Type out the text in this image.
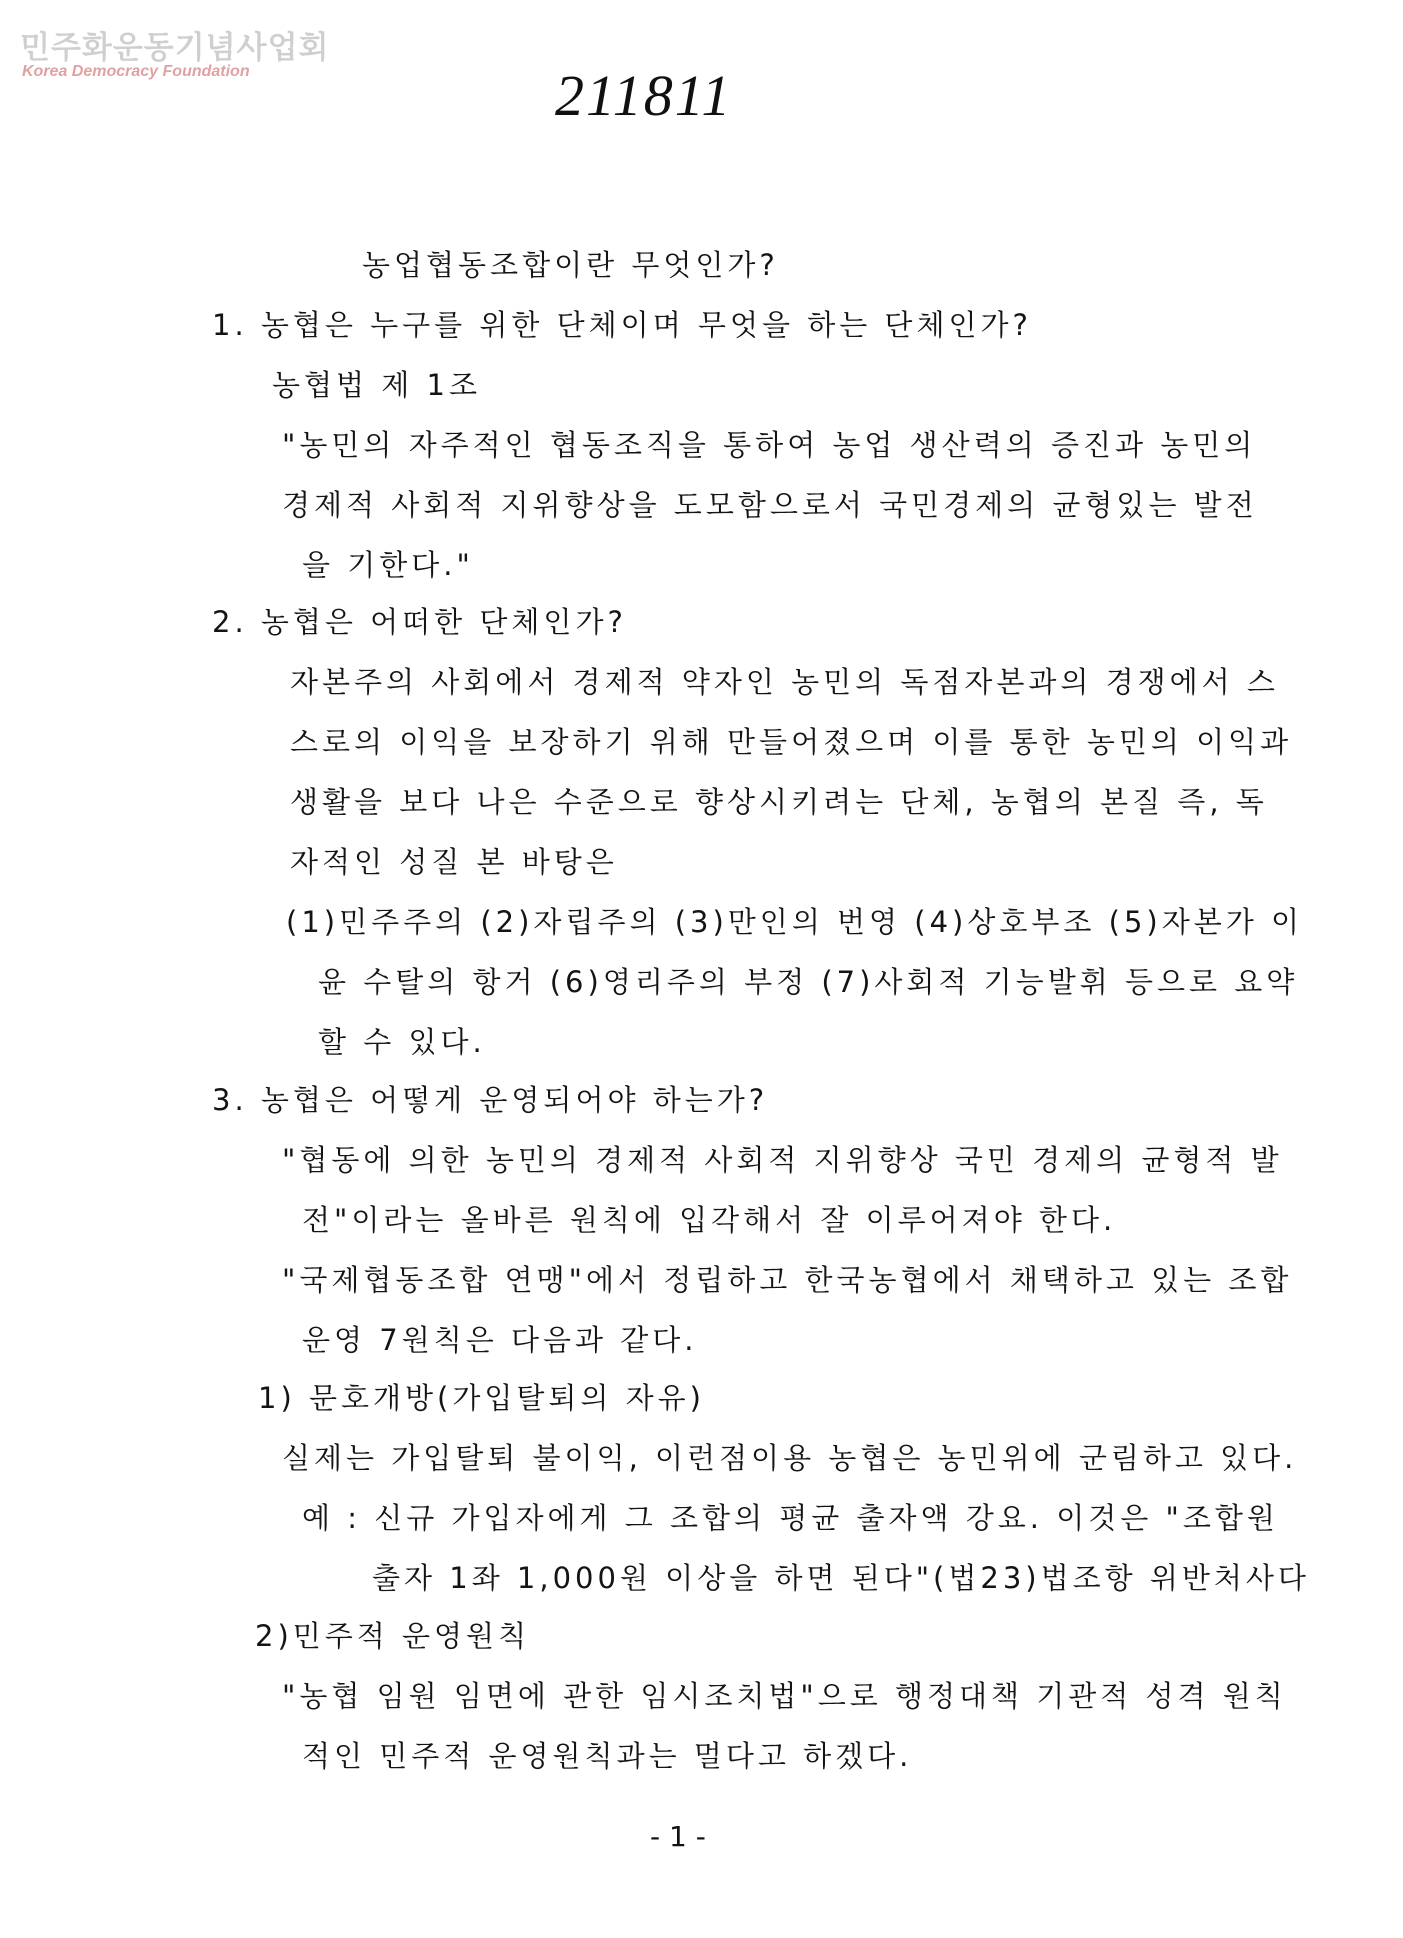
민주화운동기념사업회
Korea Democracy Foundation	211811
농업협동조합이란 무엇인가?
1. 농협은 누구를 위한 단체이며 무엇을 하는 단체인가?
농협법 제 1조
"농민의 자주적인 협동조직을 통하여 농업 생산력의 증진과 농민의
경제적 사회적 지위향상을 도모함으로서 국민경제의 균형있는 발전
을 기한다."
2. 농협은 어떠한 단체인가?
자본주의 사회에서 경제적 약자인 농민의 독점자본과의 경쟁에서 스
스로의 이익을 보장하기 위해 만들어졌으며 이를 통한 농민의 이익과
생활을 보다 나은 수준으로 향상시키려는 단체, 농협의 본질 즉, 독
자적인 성질 본 바탕은
(1)민주주의 (2)자립주의 (3)만인의 번영 (4)상호부조 (5)자본가 이
윤 수탈의 항거 (6)영리주의 부정 (7)사회적 기능발휘 등으로 요약
할 수 있다.
3. 농협은 어떻게 운영되어야 하는가?
"협동에 의한 농민의 경제적 사회적 지위향상 국민 경제의 균형적 발
전"이라는 올바른 원칙에 입각해서 잘 이루어져야 한다.
"국제협동조합 연맹"에서 정립하고 한국농협에서 채택하고 있는 조합
운영 7원칙은 다음과 같다.
1) 문호개방(가입탈퇴의 자유)
실제는 가입탈퇴 불이익, 이런점이용 농협은 농민위에 군림하고 있다.
예 : 신규 가입자에게 그 조합의 평균 출자액 강요. 이것은 "조합원
출자 1좌 1,000원 이상을 하면 된다"(법23)법조항 위반처사다
2)민주적 운영원칙
"농협 임원 임면에 관한 임시조치법"으로 행정대책 기관적 성격 원칙
적인 민주적 운영원칙과는 멀다고 하겠다.
- 1 -
